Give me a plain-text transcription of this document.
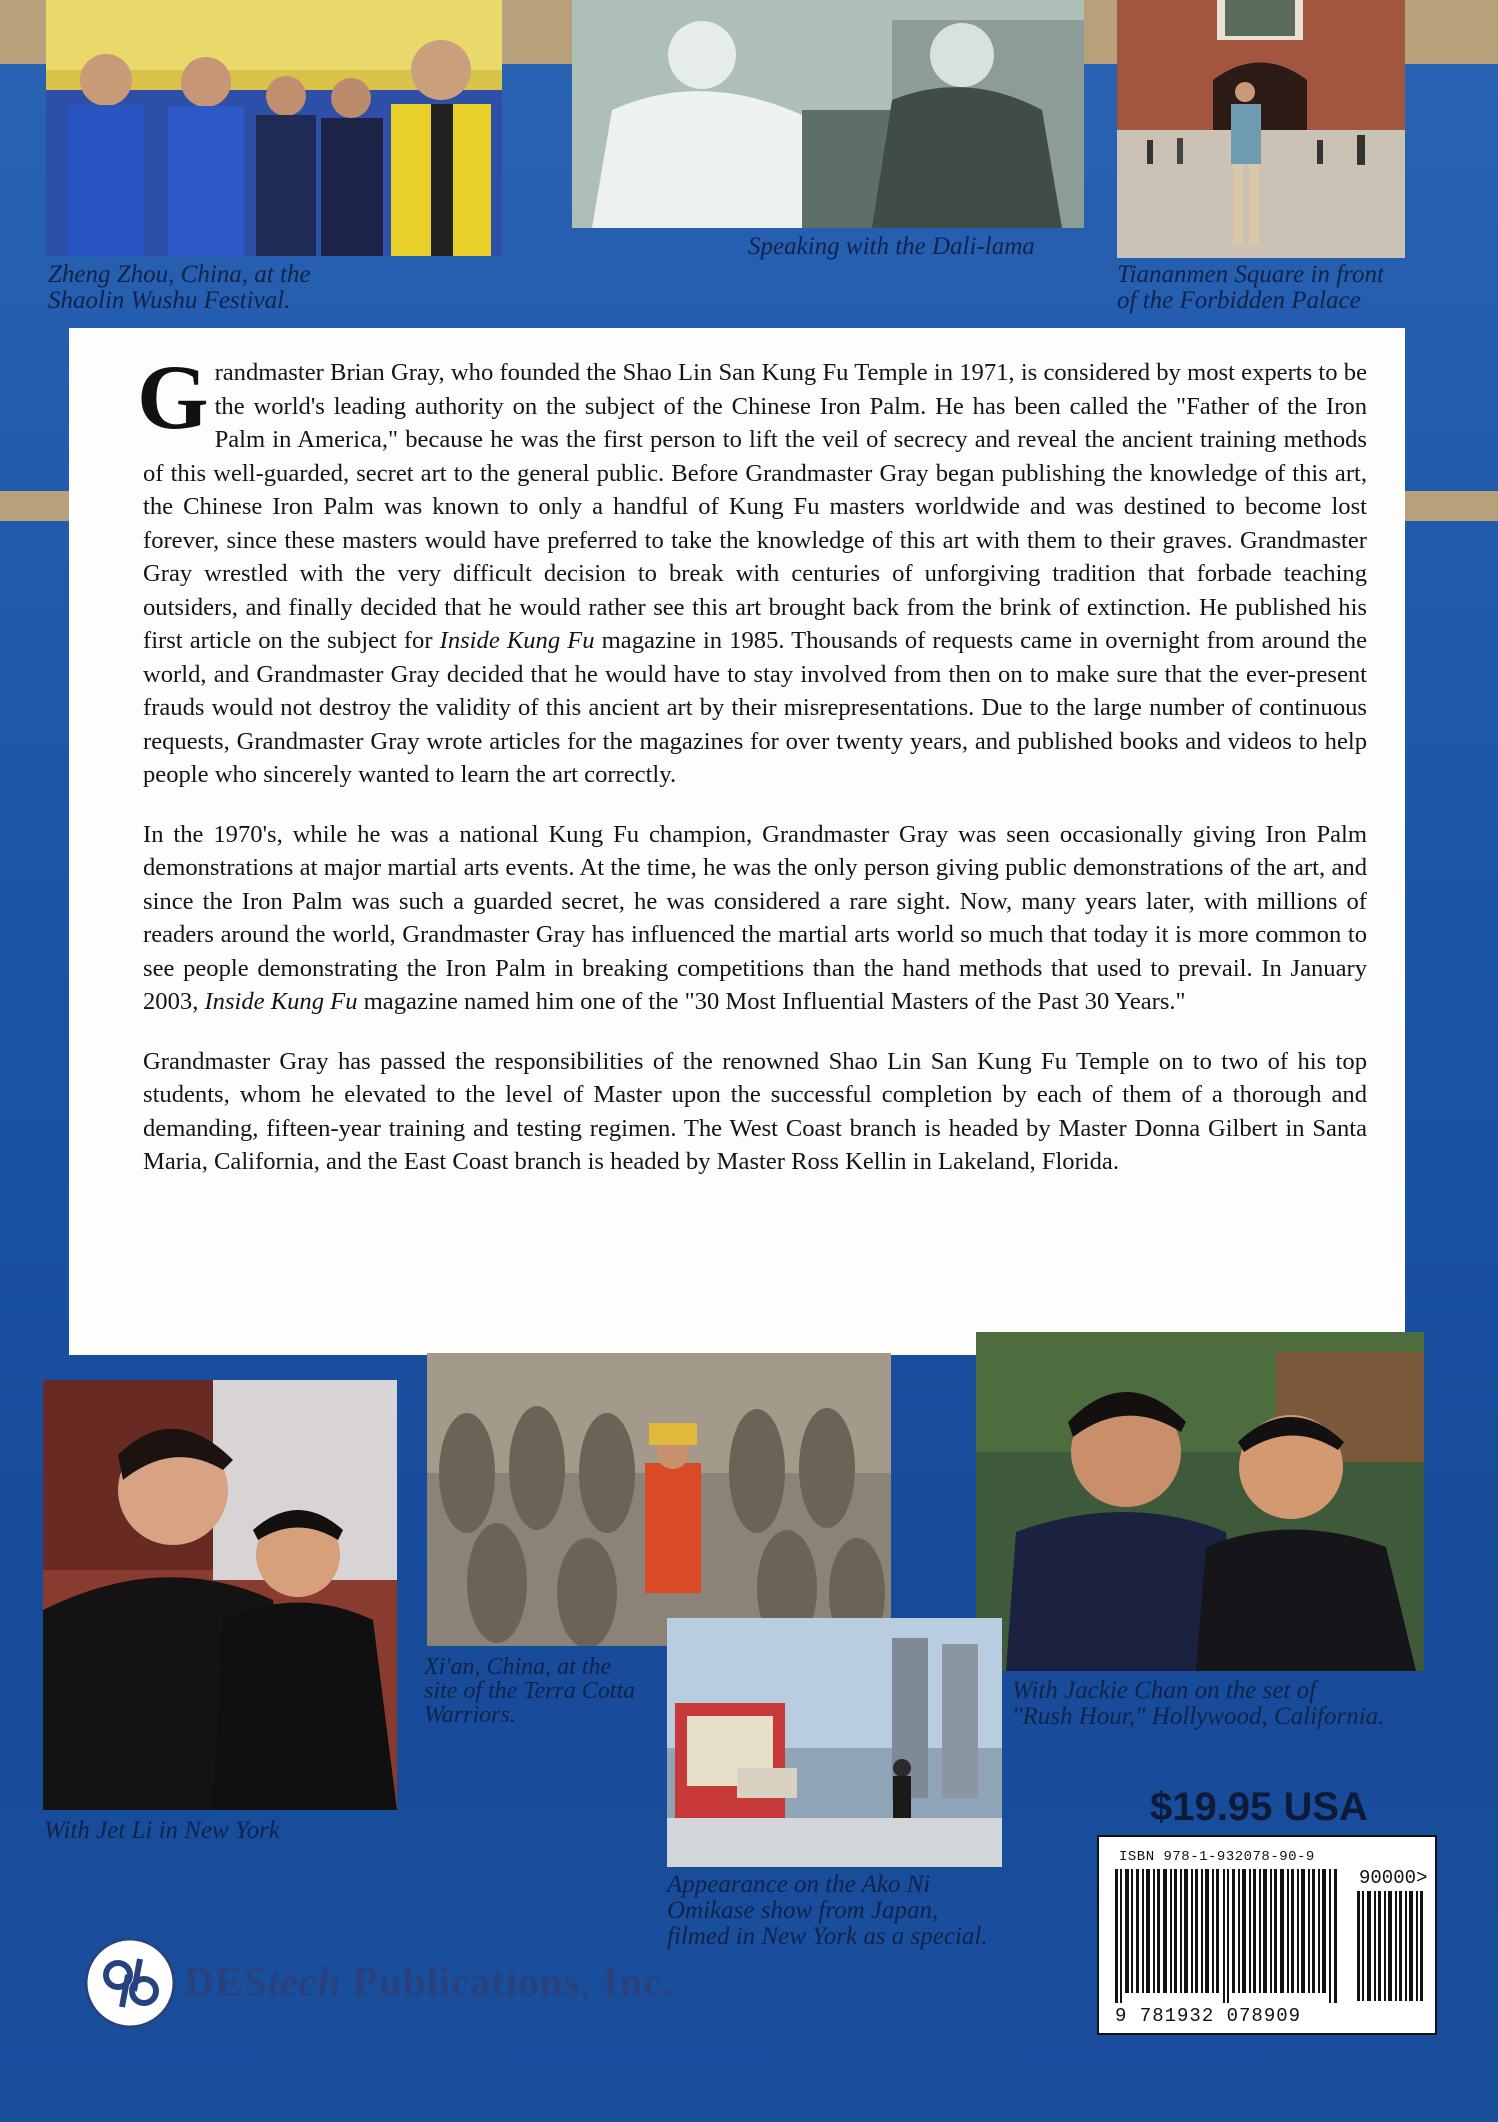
Zheng Zhou, China, at the
Shaolin Wushu Festival.
Speaking with the Dali-lama
Tiananmen Square in front
of the Forbidden Palace

Grandmaster Brian Gray, who founded the Shao Lin San Kung Fu Temple in 1971, is considered by most experts to be the world's leading authority on the subject of the Chinese Iron Palm. He has been called the "Father of the Iron Palm in America," because he was the first person to lift the veil of secrecy and reveal the ancient training methods of this well-guarded, secret art to the general public. Before Grandmaster Gray began publishing the knowledge of this art, the Chinese Iron Palm was known to only a handful of Kung Fu masters worldwide and was destined to become lost forever, since these masters would have preferred to take the knowledge of this art with them to their graves. Grandmaster Gray wrestled with the very difficult decision to break with centuries of unforgiving tradition that forbade teaching outsiders, and finally decided that he would rather see this art brought back from the brink of extinction. He published his first article on the subject for Inside Kung Fu magazine in 1985. Thousands of requests came in overnight from around the world, and Grandmaster Gray decided that he would have to stay involved from then on to make sure that the ever-present frauds would not destroy the validity of this ancient art by their misrepresentations. Due to the large number of continuous requests, Grandmaster Gray wrote articles for the magazines for over twenty years, and published books and videos to help people who sincerely wanted to learn the art correctly.

In the 1970's, while he was a national Kung Fu champion, Grandmaster Gray was seen occasionally giving Iron Palm demonstrations at major martial arts events. At the time, he was the only person giving public demonstrations of the art, and since the Iron Palm was such a guarded secret, he was considered a rare sight. Now, many years later, with millions of readers around the world, Grandmaster Gray has influenced the martial arts world so much that today it is more common to see people demonstrating the Iron Palm in breaking competitions than the hand methods that used to prevail. In January 2003, Inside Kung Fu magazine named him one of the "30 Most Influential Masters of the Past 30 Years."

Grandmaster Gray has passed the responsibilities of the renowned Shao Lin San Kung Fu Temple on to two of his top students, whom he elevated to the level of Master upon the successful completion by each of them of a thorough and demanding, fifteen-year training and testing regimen. The West Coast branch is headed by Master Donna Gilbert in Santa Maria, California, and the East Coast branch is headed by Master Ross Kellin in Lakeland, Florida.

With Jet Li in New York
Xi'an, China, at the
site of the Terra Cotta
Warriors.
With Jackie Chan on the set of
"Rush Hour," Hollywood, California.
Appearance on the Ako Ni
Omikase show from Japan,
filmed in New York as a special.
$19.95 USA
ISBN 978-1-932078-90-9
90000>
9 781932 078909
DEStech Publications, Inc.
